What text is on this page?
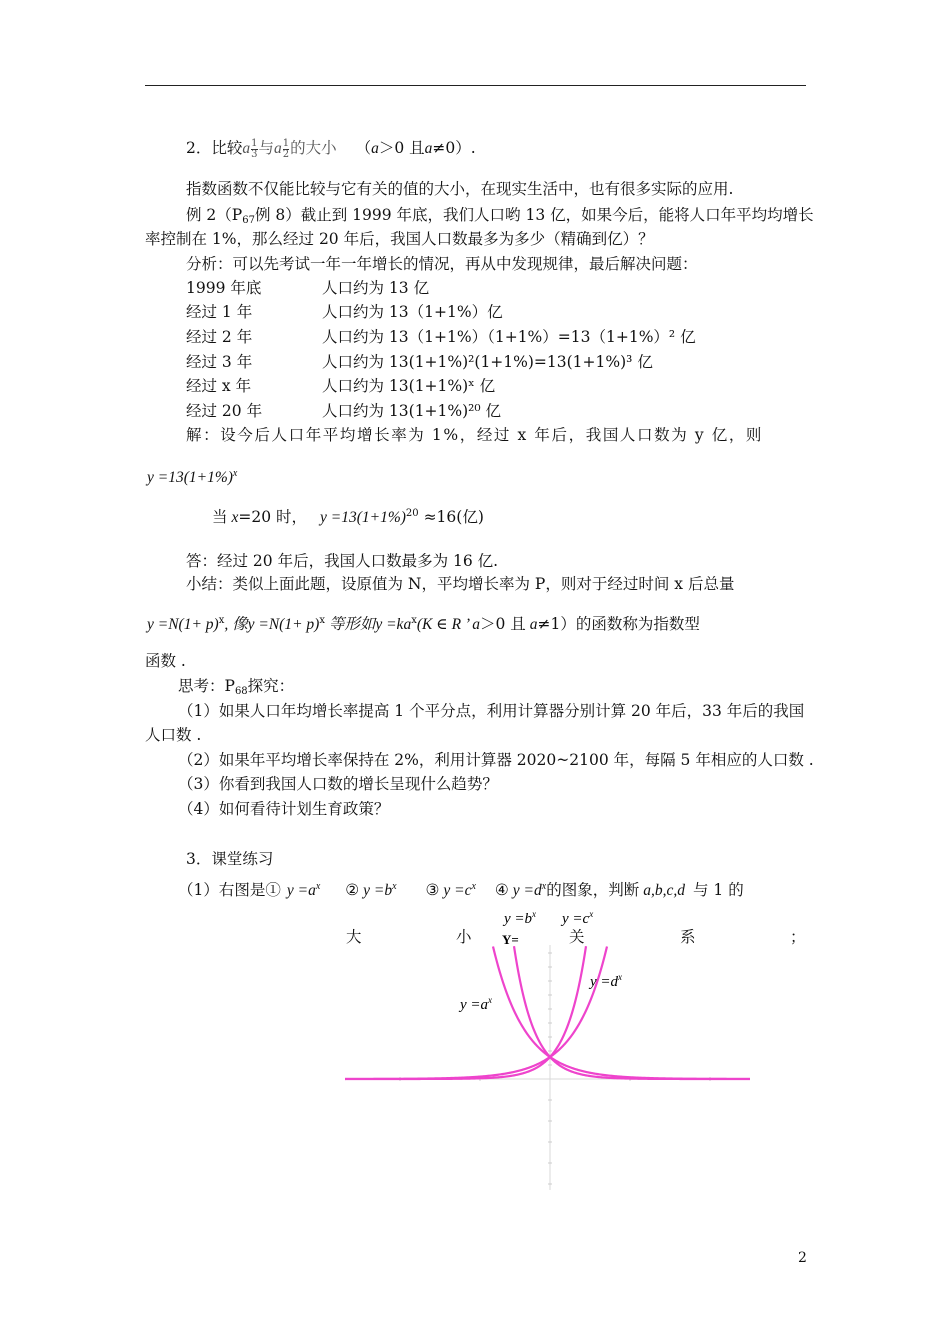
2．比较a $\frac{1}{3}$ 与a $\frac{1}{2}$ 的大小 （a＞0 且a≠0）.
指数函数不仅能比较与它有关的值的大小，在现实生活中，也有很多实际的应用.
例 $2(P_{67}$例 8）截止到 1999 年底，我们人口哟 13 亿，如果今后，能将人口年平均均增长
率控制在 1%，那么经过 20 年后，我国人口数最多为多少（精确到亿）？
分析：可以先考试一年一年增长的情况，再从中发现规律，最后解决问题：
1999 年底	人口约为 13 亿
经过 1 年	人口约为 13（1+1%）亿
经过 2 年	人口约为 13（1+1%）（1+1%）=13（1+1%）² 亿
经过 3 年	人口约为 13(1+1%)²(1+1%)=13(1+1%)³ 亿
经过 x 年	人口约为 13(1+1%)ˣ 亿
经过 20 年	人口约为 13(1+1%)²⁰ 亿
解：设今后人口年平均增长率为 1%，经过 x 年后，我国人口数为 y 亿，则
$y =13(1+1\%)^x$
当 x=20 时， $y =13(1+1\%)^{20} \approx 16$(亿)
答：经过 20 年后，我国人口数最多为 16 亿.
小结：类似上面此题，设原值为 N，平均增长率为 P，则对于经过时间 x 后总量
$y =N(1+ p)^x$, 像$y =N(1+ p)^x$ 等形如$y =ka^x(K$ ∈ R ’ a＞0 且 a≠1）的函数称为指数型
函数 .
思考：$P_{68}$探究：
（1）如果人口年均增长率提高 1 个平分点，利用计算器分别计算 20 年后，33 年后的我国
人口数 .
（2）如果年平均增长率保持在 2%，利用计算器 2020~2100 年，每隔 5 年相应的人口数 .
（3）你看到我国人口数的增长呈现什么趋势？
（4）如何看待计划生育政策？
3．课堂练习
（1）右图是① $y =a^x$ ② $y =b^x$ ③ $y =c^x$ ④ $y =d^x$的图象，判断 a,b,c,d 与 1 的
大	小	关	系	；
$y =b^x$ $y =c^x$
Y=
$y =d^x$
$y =a^x$
2
